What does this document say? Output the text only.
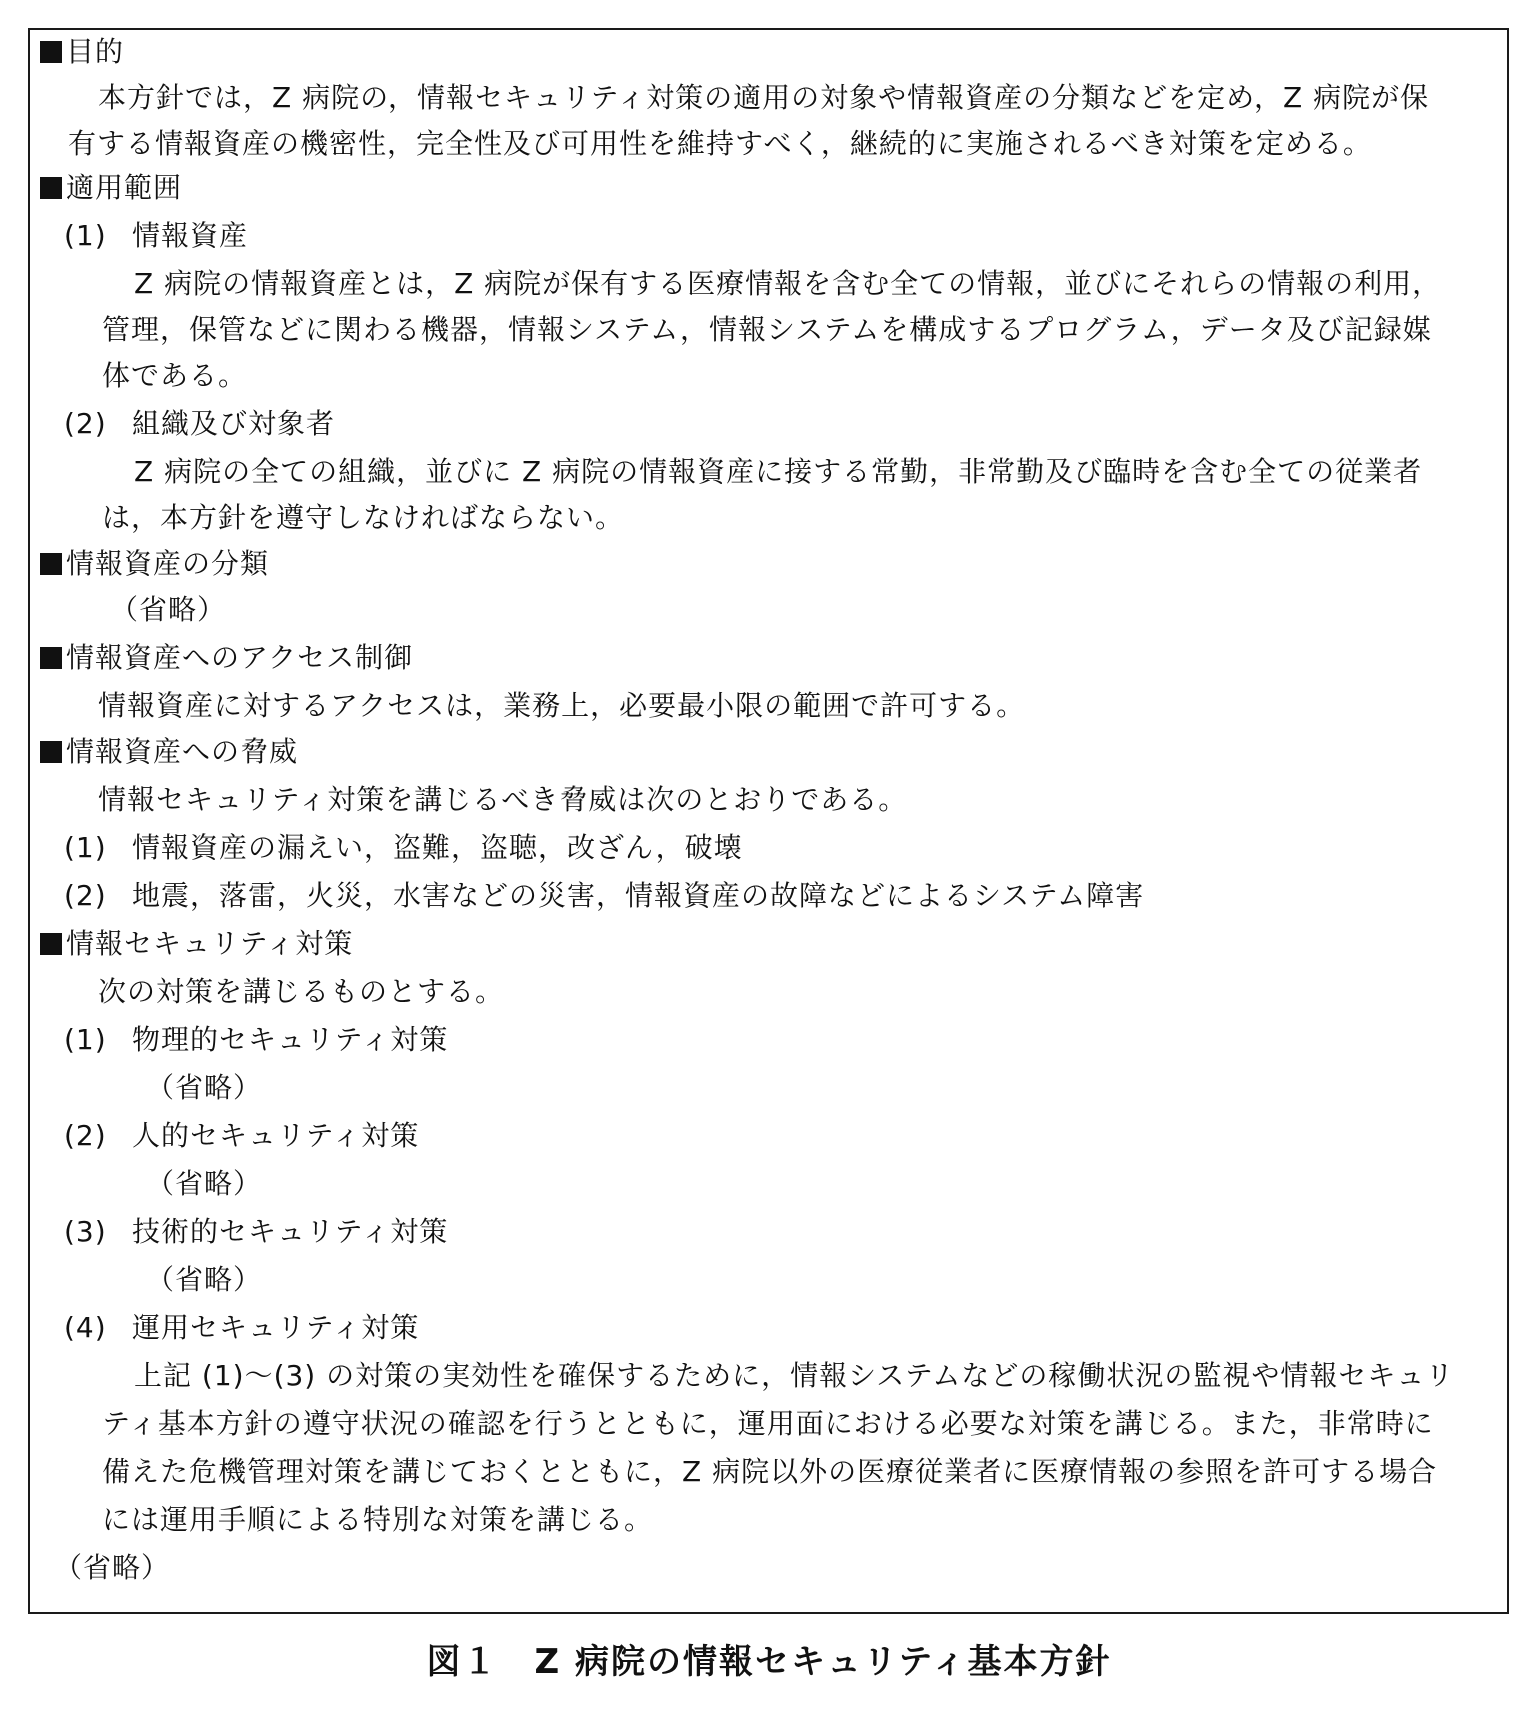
目的
本方針では，Z 病院の，情報セキュリティ対策の適用の対象や情報資産の分類などを定め，Z 病院が保
有する情報資産の機密性，完全性及び可用性を維持すべく，継続的に実施されるべき対策を定める。
適用範囲
(1) 情報資産
Z 病院の情報資産とは，Z 病院が保有する医療情報を含む全ての情報，並びにそれらの情報の利用，
管理，保管などに関わる機器，情報システム，情報システムを構成するプログラム，データ及び記録媒
体である。
(2) 組織及び対象者
Z 病院の全ての組織，並びに Z 病院の情報資産に接する常勤，非常勤及び臨時を含む全ての従業者
は，本方針を遵守しなければならない。
情報資産の分類
（省略）
情報資産へのアクセス制御
情報資産に対するアクセスは，業務上，必要最小限の範囲で許可する。
情報資産への脅威
情報セキュリティ対策を講じるべき脅威は次のとおりである。
(1) 情報資産の漏えい，盗難，盗聴，改ざん，破壊
(2) 地震，落雷，火災，水害などの災害，情報資産の故障などによるシステム障害
情報セキュリティ対策
次の対策を講じるものとする。
(1) 物理的セキュリティ対策
（省略）
(2) 人的セキュリティ対策
（省略）
(3) 技術的セキュリティ対策
（省略）
(4) 運用セキュリティ対策
上記 (1)〜(3) の対策の実効性を確保するために，情報システムなどの稼働状況の監視や情報セキュリ
ティ基本方針の遵守状況の確認を行うとともに，運用面における必要な対策を講じる。また，非常時に
備えた危機管理対策を講じておくとともに，Z 病院以外の医療従業者に医療情報の参照を許可する場合
には運用手順による特別な対策を講じる。
（省略）
図１　Z 病院の情報セキュリティ基本方針
